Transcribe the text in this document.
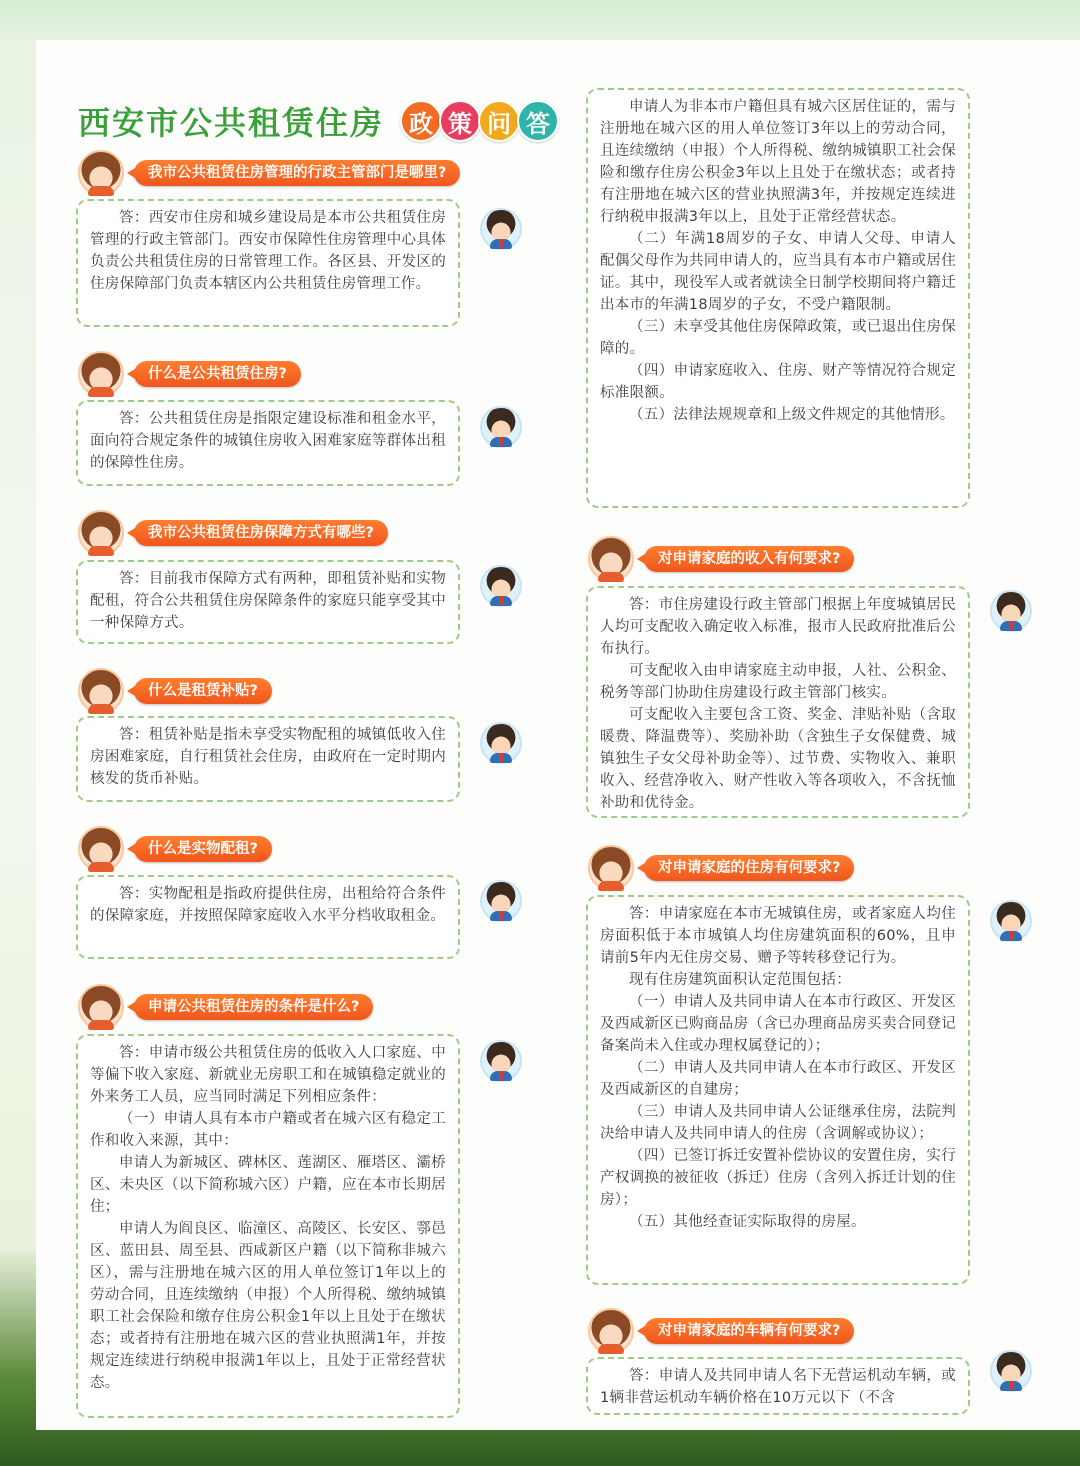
西安市公共租赁住房	政 策 问 答
我市公共租赁住房管理的行政主管部门是哪里?

答：西安市住房和城乡建设局是本市公共租赁住房管理的行政主管部门。西安市保障性住房管理中心具体负责公共租赁住房的日常管理工作。各区县、开发区的住房保障部门负责本辖区内公共租赁住房管理工作。

什么是公共租赁住房?

答：公共租赁住房是指限定建设标准和租金水平，面向符合规定条件的城镇住房收入困难家庭等群体出租的保障性住房。

我市公共租赁住房保障方式有哪些?

答：目前我市保障方式有两种，即租赁补贴和实物配租，符合公共租赁住房保障条件的家庭只能享受其中一种保障方式。

什么是租赁补贴?

答：租赁补贴是指未享受实物配租的城镇低收入住房困难家庭，自行租赁社会住房，由政府在一定时期内核发的货币补贴。

什么是实物配租?

答：实物配租是指政府提供住房，出租给符合条件的保障家庭，并按照保障家庭收入水平分档收取租金。

申请公共租赁住房的条件是什么?

答：申请市级公共租赁住房的低收入人口家庭、中等偏下收入家庭、新就业无房职工和在城镇稳定就业的外来务工人员，应当同时满足下列相应条件：

（一）申请人具有本市户籍或者在城六区有稳定工作和收入来源，其中：

申请人为新城区、碑林区、莲湖区、雁塔区、灞桥区、未央区（以下简称城六区）户籍，应在本市长期居住；

申请人为阎良区、临潼区、高陵区、长安区、鄠邑区、蓝田县、周至县、西咸新区户籍（以下简称非城六区），需与注册地在城六区的用人单位签订1年以上的劳动合同，且连续缴纳（申报）个人所得税、缴纳城镇职工社会保险和缴存住房公积金1年以上且处于在缴状态；或者持有注册地在城六区的营业执照满1年，并按规定连续进行纳税申报满1年以上，且处于正常经营状态。

申请人为非本市户籍但具有城六区居住证的，需与注册地在城六区的用人单位签订3年以上的劳动合同，且连续缴纳（申报）个人所得税、缴纳城镇职工社会保险和缴存住房公积金3年以上且处于在缴状态；或者持有注册地在城六区的营业执照满3年，并按规定连续进行纳税申报满3年以上，且处于正常经营状态。

（二）年满18周岁的子女、申请人父母、申请人配偶父母作为共同申请人的，应当具有本市户籍或居住证。其中，现役军人或者就读全日制学校期间将户籍迁出本市的年满18周岁的子女，不受户籍限制。

（三）未享受其他住房保障政策，或已退出住房保障的。

（四）申请家庭收入、住房、财产等情况符合规定标准限额。

（五）法律法规规章和上级文件规定的其他情形。

对申请家庭的收入有何要求?

答：市住房建设行政主管部门根据上年度城镇居民人均可支配收入确定收入标准，报市人民政府批准后公布执行。

可支配收入由申请家庭主动申报，人社、公积金、税务等部门协助住房建设行政主管部门核实。

可支配收入主要包含工资、奖金、津贴补贴（含取暖费、降温费等）、奖励补助（含独生子女保健费、城镇独生子女父母补助金等）、过节费、实物收入、兼职收入、经营净收入、财产性收入等各项收入，不含抚恤补助和优待金。

对申请家庭的住房有何要求?

答：申请家庭在本市无城镇住房，或者家庭人均住房面积低于本市城镇人均住房建筑面积的60%，且申请前5年内无住房交易、赠予等转移登记行为。

现有住房建筑面积认定范围包括：

（一）申请人及共同申请人在本市行政区、开发区及西咸新区已购商品房（含已办理商品房买卖合同登记备案尚未入住或办理权属登记的）；

（二）申请人及共同申请人在本市行政区、开发区及西咸新区的自建房；

（三）申请人及共同申请人公证继承住房，法院判决给申请人及共同申请人的住房（含调解或协议）；

（四）已签订拆迁安置补偿协议的安置住房，实行产权调换的被征收（拆迁）住房（含列入拆迁计划的住房）；

（五）其他经查证实际取得的房屋。

对申请家庭的车辆有何要求?

答：申请人及共同申请人名下无营运机动车辆，或1辆非营运机动车辆价格在10万元以下（不含
